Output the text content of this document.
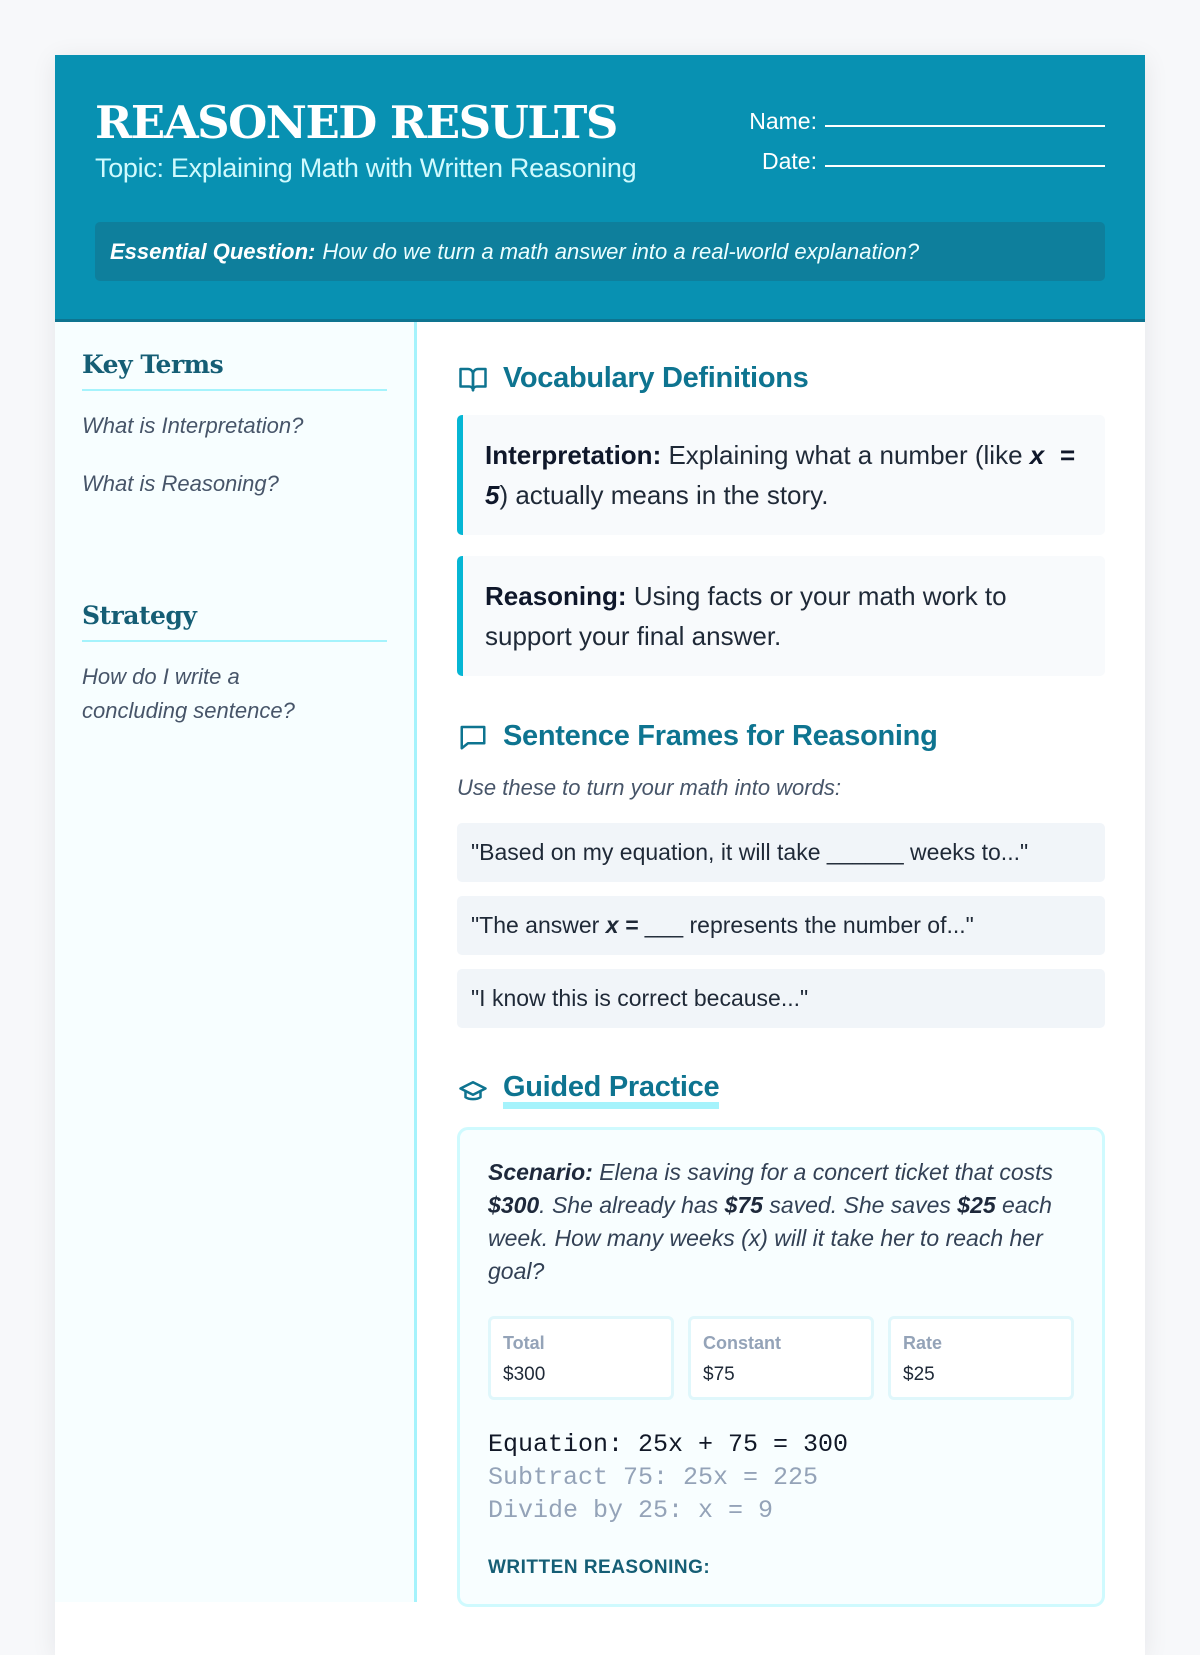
REASONED RESULTS
Topic: Explaining Math with Written Reasoning
Name:
Date:
Essential Question: How do we turn a math answer into a real-world explanation?
Key Terms
What is Interpretation?
What is Reasoning?
Strategy
How do I write a concluding sentence?
Vocabulary Definitions
Interpretation: Explaining what a number (like x = 5) actually means in the story.
Reasoning: Using facts or your math work to support your final answer.
Sentence Frames for Reasoning
Use these to turn your math into words:
"Based on my equation, it will take ______ weeks to..."
"The answer x =
___ represents the number of..."
"I know this is correct because..."
Guided Practice
Scenario: Elena is saving for a concert ticket that costs $300. She already has $75 saved. She saves $25 each week. How many weeks (x) will it take her to reach her goal?
Total
$300
Constant
$75
Rate
$25
Equation: 25x + 75 = 300
Subtract 75: 25x = 225
Divide by 25: x = 9
WRITTEN REASONING:
